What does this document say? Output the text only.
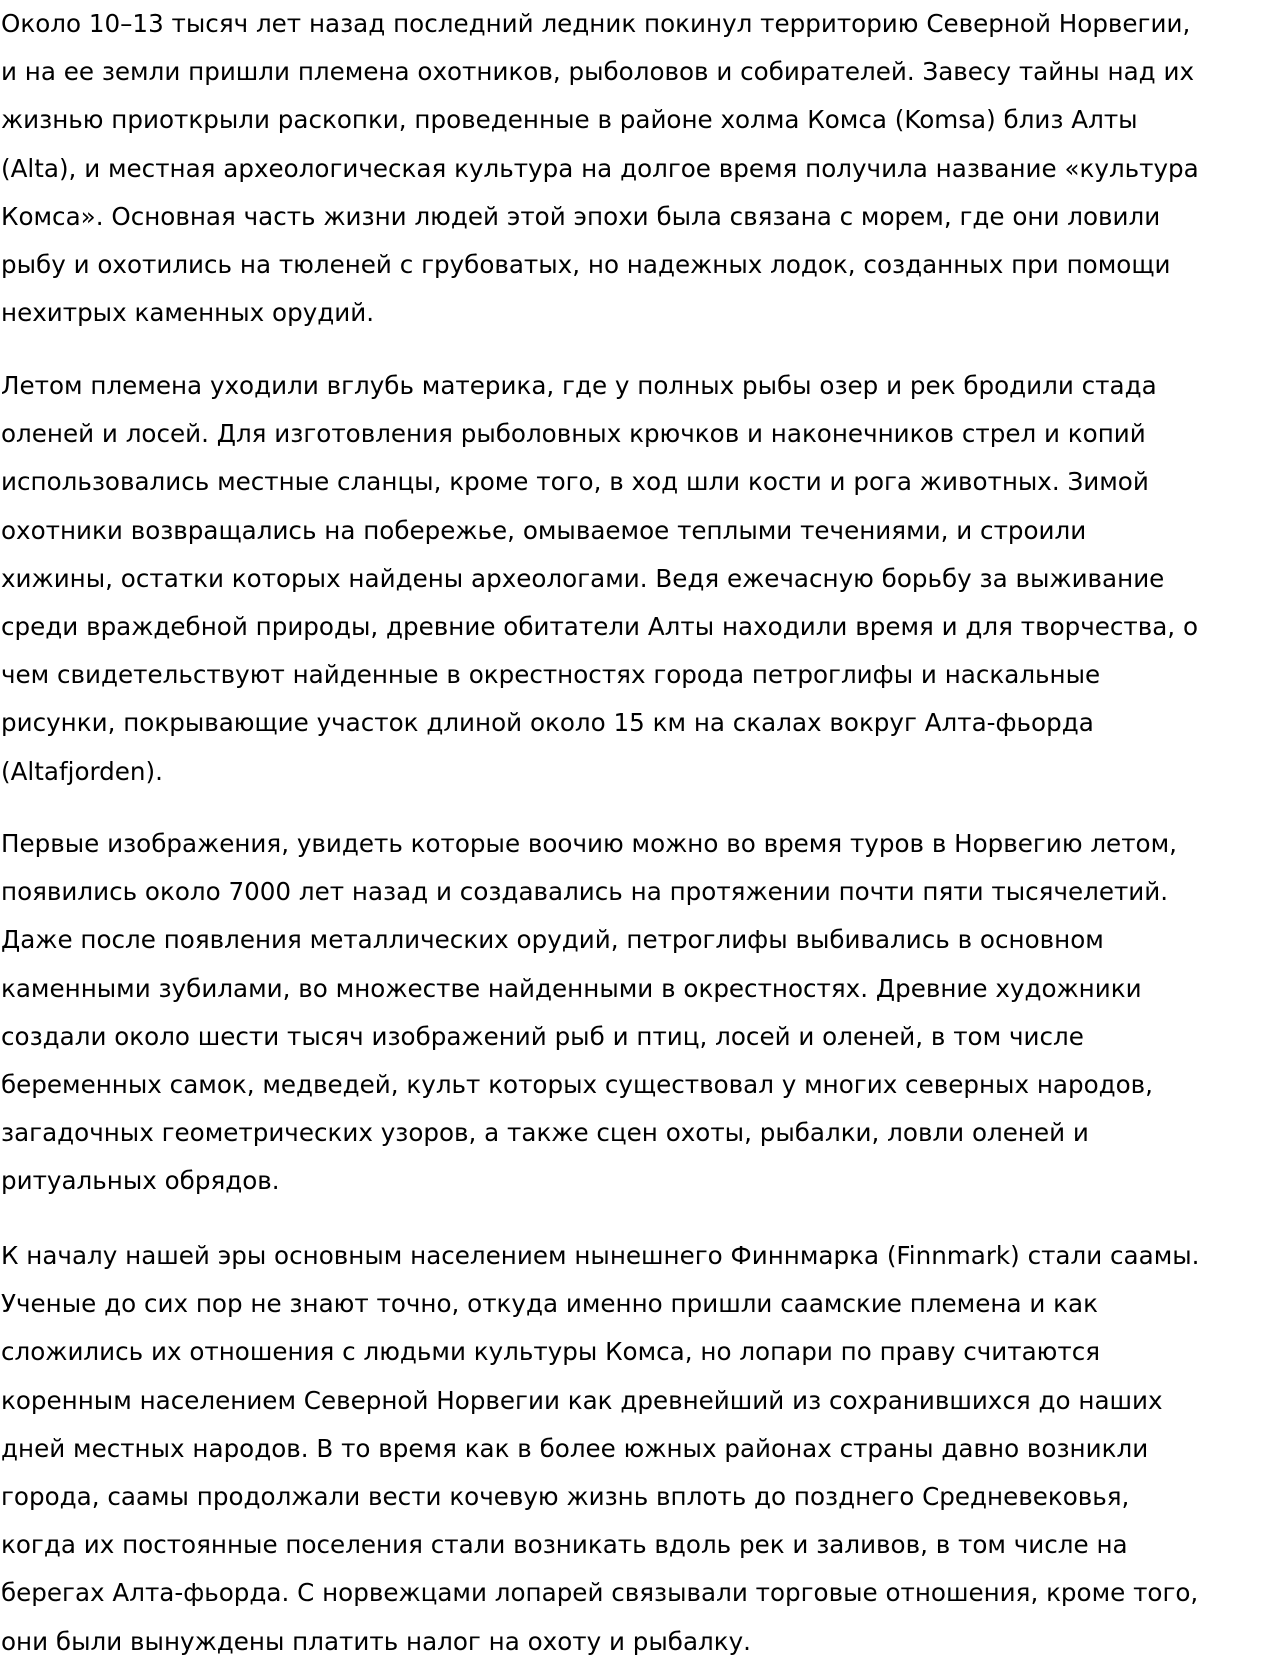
Около 10–13 тысяч лет назад последний ледник покинул территорию Северной Норвегии,
и на ее земли пришли племена охотников, рыболовов и собирателей. Завесу тайны над их
жизнью приоткрыли раскопки, проведенные в районе холма Комса (Komsa) близ Алты
(Alta), и местная археологическая культура на долгое время получила название «культура
Комса». Основная часть жизни людей этой эпохи была связана с морем, где они ловили
рыбу и охотились на тюленей с грубоватых, но надежных лодок, созданных при помощи
нехитрых каменных орудий.

Летом племена уходили вглубь материка, где у полных рыбы озер и рек бродили стада
оленей и лосей. Для изготовления рыболовных крючков и наконечников стрел и копий
использовались местные сланцы, кроме того, в ход шли кости и рога животных. Зимой
охотники возвращались на побережье, омываемое теплыми течениями, и строили
хижины, остатки которых найдены археологами. Ведя ежечасную борьбу за выживание
среди враждебной природы, древние обитатели Алты находили время и для творчества, о
чем свидетельствуют найденные в окрестностях города петроглифы и наскальные
рисунки, покрывающие участок длиной около 15 км на скалах вокруг Алта-фьорда
(Altafjorden).

Первые изображения, увидеть которые воочию можно во время туров в Норвегию летом,
появились около 7000 лет назад и создавались на протяжении почти пяти тысячелетий.
Даже после появления металлических орудий, петроглифы выбивались в основном
каменными зубилами, во множестве найденными в окрестностях. Древние художники
создали около шести тысяч изображений рыб и птиц, лосей и оленей, в том числе
беремeнных самок, медведей, культ которых существовал у многих северных народов,
загадочных геометрических узоров, а также сцен охоты, рыбалки, ловли оленей и
ритуальных обрядов.

К началу нашей эры основным населением нынешнего Финнмарка (Finnmark) стали саамы.
Ученые до сих пор не знают точно, откуда именно пришли саамские племена и как
сложились их отношения с людьми культуры Комса, но лопари по праву считаются
коренным населением Северной Норвегии как древнейший из сохранившихся до наших
дней местных народов. В то время как в более южных районах страны давно возникли
города, саамы продолжали вести кочевую жизнь вплоть до позднего Средневековья,
когда их постоянные поселения стали возникать вдоль рек и заливов, в том числе на
берегах Алта-фьорда. С норвежцами лопарей связывали торговые отношения, кроме того,
они были вынуждены платить налог на охоту и рыбалку.
